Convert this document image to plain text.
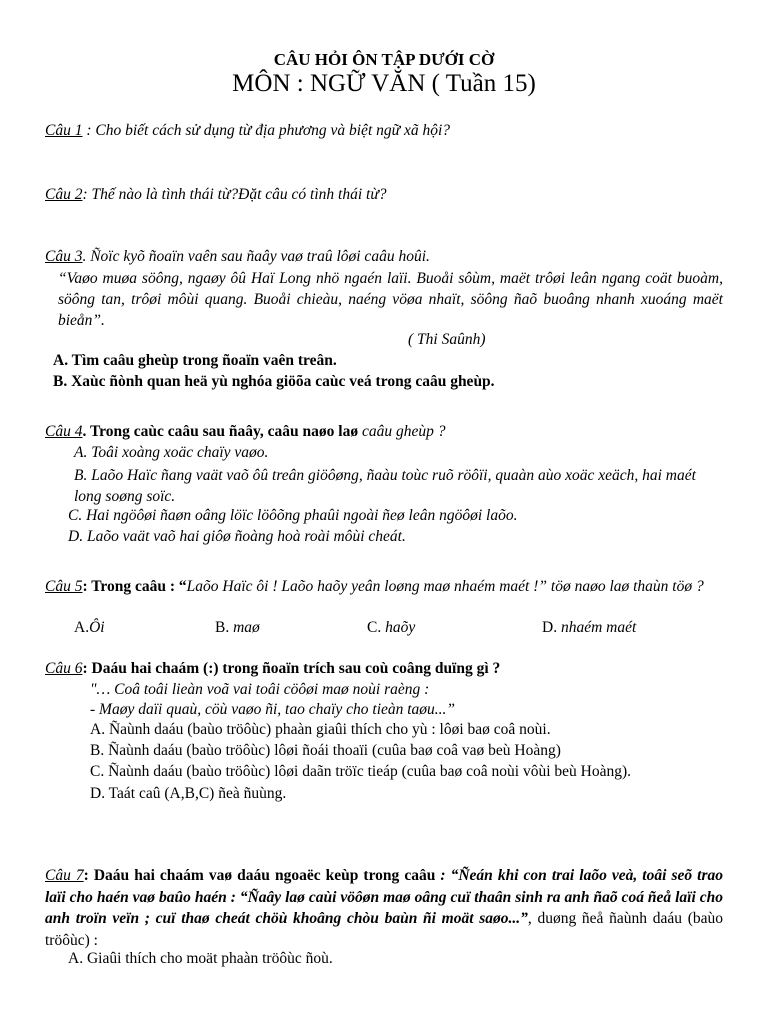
CÂU HỎI ÔN TẬP DƯỚI CỜ
MÔN : NGỮ VĂN ( Tuần 15)
Câu 1 : Cho biết cách sử dụng từ địa phương và biệt ngữ xã hội?
Câu 2: Thế nào là tình thái từ?Đặt câu có tình thái từ?
Câu 3. Ñoïc kyõ ñoaïn vaên sau ñaây vaø traû lôøi caâu hoûi.
“Vaøo muøa söông, ngaøy ôû Haï Long nhö ngaén laïi. Buoåi sôùm, maët trôøi leân ngang coät buoàm, söông tan, trôøi môùi quang. Buoåi chieàu, naéng vöøa nhaït, söông ñaõ buoâng nhanh xuoáng maët bieån”.
( Thi Saûnh)
A. Tìm caâu gheùp trong ñoaïn vaên treân.
B. Xaùc ñònh quan heä yù nghóa giöõa caùc veá trong caâu gheùp.
Câu 4. Trong caùc caâu sau ñaây, caâu naøo laø caâu gheùp ?
A. Toâi xoàng xoäc chaïy vaøo.
B. Laõo Haïc ñang vaät vaõ ôû treân giöôøng, ñaàu toùc ruõ röôïi, quaàn aùo xoäc xeäch, hai maét long soøng soïc.
C. Hai ngöôøi ñaøn oâng löïc löôõng phaûi ngoài ñeø leân ngöôøi laõo.
D. Laõo vaät vaõ hai giôø ñoàng hoà roài môùi cheát.
Câu 5: Trong caâu : “Laõo Haïc ôi ! Laõo haõy yeân loøng maø nhaém maét !” töø naøo laø thaùn töø ?
A.Ôi	B. maø	C. haõy	D. nhaém maét
Câu 6: Daáu hai chaám (:) trong ñoaïn trích sau coù coâng duïng gì ?
"… Coâ toâi lieàn voã vai toâi cöôøi maø noùi raèng :
- Maøy daïi quaù, cöù vaøo ñi, tao chaïy cho tieàn taøu...”
A. Ñaùnh daáu (baùo tröôùc) phaàn giaûi thích cho yù : lôøi baø coâ noùi.
B. Ñaùnh daáu (baùo tröôùc) lôøi ñoái thoaïi (cuûa baø coâ vaø beù Hoàng)
C. Ñaùnh daáu (baùo tröôùc) lôøi daãn tröïc tieáp (cuûa baø coâ noùi vôùi beù Hoàng).
D. Taát caû (A,B,C) ñeà ñuùng.
Câu 7: Daáu hai chaám vaø daáu ngoaëc keùp trong caâu : “Ñeán khi con trai laõo veà, toâi seõ trao laïi cho haén vaø baûo haén : “Ñaây laø caùi vöôøn maø oâng cuï thaân sinh ra anh ñaõ coá ñeå laïi cho anh troïn veïn ; cuï thaø cheát chöù khoâng chòu baùn ñi moät saøo...”, duøng ñeå ñaùnh daáu (baùo tröôùc) :
A. Giaûi thích cho moät phaàn tröôùc ñoù.
